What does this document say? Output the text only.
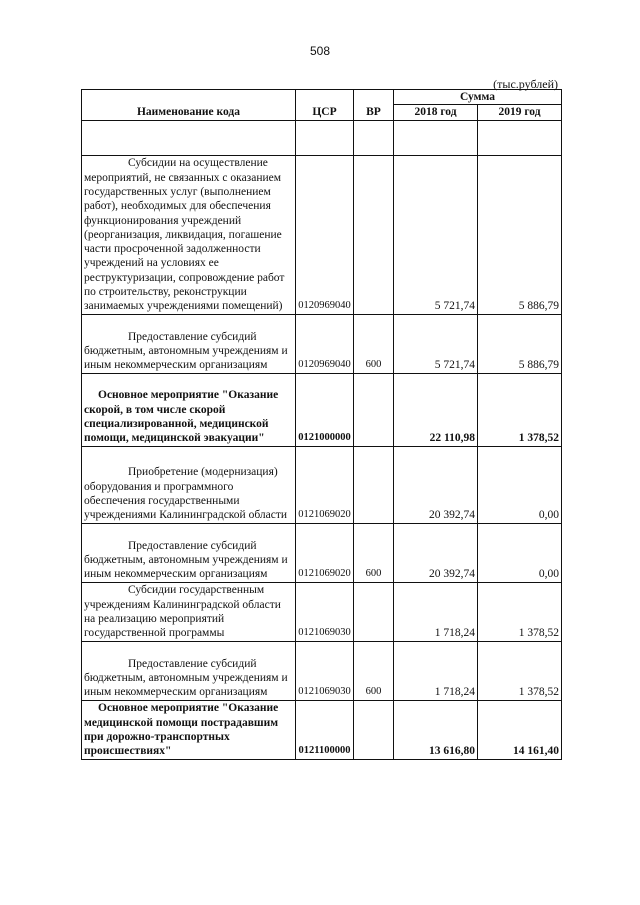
508
(тыс.рублей)
Наименование кода	ЦСР	ВР	Сумма	
			2018 год	2019 год

Субсидии на осуществление мероприятий, не связанных с оказанием государственных услуг (выполнением работ), необходимых для обеспечения функционирования учреждений (реорганизация, ликвидация, погашение части просроченной задолженности учреждений на условиях ее реструктуризации, сопровождение работ по строительству, реконструкции занимаемых учреждениями помещений)	0120969040		5 721,74	5 886,79
Предоставление субсидий бюджетным, автономным учреждениям и иным некоммерческим организациям	0120969040	600	5 721,74	5 886,79
Основное мероприятие "Оказание скорой, в том числе скорой специализированной, медицинской помощи, медицинской эвакуации"	0121000000		22 110,98	1 378,52
Приобретение (модернизация) оборудования и программного обеспечения государственными учреждениями Калининградской области	0121069020		20 392,74	0,00
Предоставление субсидий бюджетным, автономным учреждениям и иным некоммерческим организациям	0121069020	600	20 392,74	0,00
Субсидии государственным учреждениям Калининградской области на реализацию мероприятий государственной программы	0121069030		1 718,24	1 378,52
Предоставление субсидий бюджетным, автономным учреждениям и иным некоммерческим организациям	0121069030	600	1 718,24	1 378,52
Основное мероприятие "Оказание медицинской помощи пострадавшим при дорожно-транспортных происшествиях"	0121100000		13 616,80	14 161,40
